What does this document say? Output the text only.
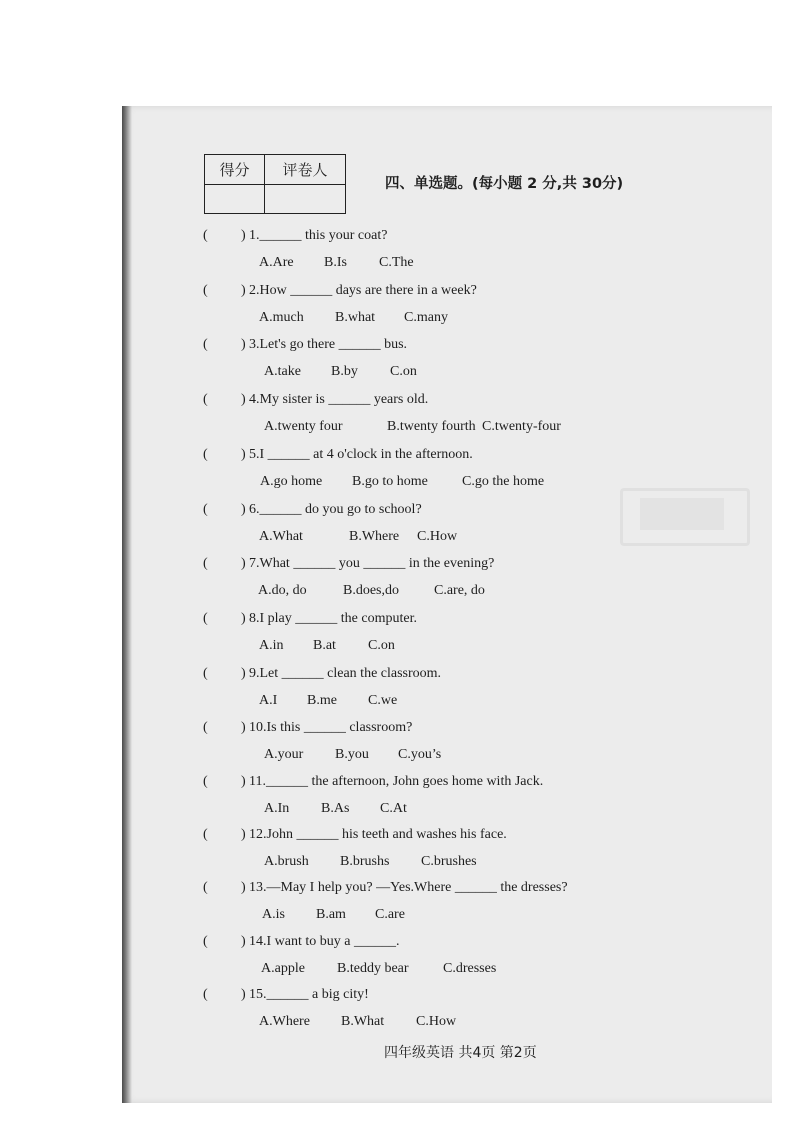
得分	评卷人
四、单选题。(每小题 2 分,共 30分)
( ) 1.______ this your coat?
A.Are B.Is C.The
( ) 2.How ______ days are there in a week?
A.much B.what C.many
( ) 3.Let's go there ______ bus.
A.take B.by C.on
( ) 4.My sister is ______ years old.
A.twenty four	B.twenty fourth C.twenty-four
( ) 5.I ______ at 4 o'clock in the afternoon.
A.go home B.go to home C.go the home
( ) 6.______ do you go to school?
A.What	B.Where C.How
( ) 7.What ______ you ______ in the evening?
A.do, do	B.does,do	C.are, do
( ) 8.I play ______ the computer.
A.in B.at C.on
( ) 9.Let ______ clean the classroom.
A.I B.me C.we
( ) 10.Is this ______ classroom?
A.your B.you C.you’s
( ) 11.______ the afternoon, John goes home with Jack.
A.In B.As C.At
( ) 12.John ______ his teeth and washes his face.
A.brush B.brushs C.brushes
( ) 13.—May I help you? —Yes.Where ______ the dresses?
A.is B.am C.are
( ) 14.I want to buy a ______.
A.apple B.teddy bear C.dresses
( ) 15.______ a big city!
A.Where B.What C.How
四年级英语 共4页 第2页
